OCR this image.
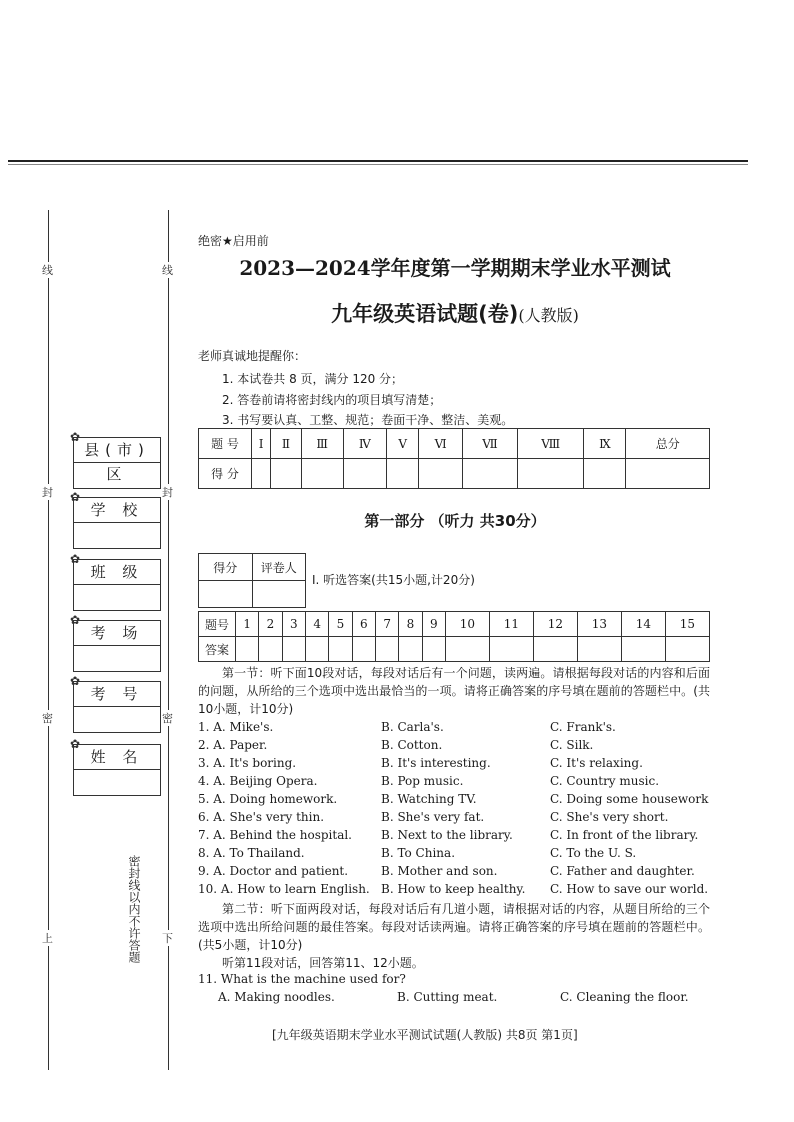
线	线
封	封
密	密
上	下
密封线以内不许答题
✿
县(市)区
✿
学 校
✿
班 级
✿
考 场
✿
考 号
✿
姓 名
绝密★启用前
2023—2024学年度第一学期期末学业水平测试
九年级英语试题(卷)(人教版)
老师真诚地提醒你：
1. 本试卷共 8 页，满分 120 分；
2. 答卷前请将密封线内的项目填写清楚；
3. 书写要认真、工整、规范；卷面干净、整洁、美观。
题 号	Ⅰ	Ⅱ	Ⅲ	Ⅳ	Ⅴ	Ⅵ	Ⅶ	Ⅷ	Ⅸ	总分
得 分										
第一部分 （听力 共30分）
得分	评卷人

Ⅰ. 听选答案(共15小题,计20分)
题号	1	2	3	4	5	6	7	8	9	10	11	12	13	14	15
答案															
第一节：听下面10段对话，每段对话后有一个问题，读两遍。请根据每段对话的内容和后面的问题，从所给的三个选项中选出最恰当的一项。请将正确答案的序号填在题前的答题栏中。(共10小题，计10分)
1. A. Mike's.	B. Carla's.	C. Frank's.
2. A. Paper.	B. Cotton.	C. Silk.
3. A. It's boring.	B. It's interesting.	C. It's relaxing.
4. A. Beijing Opera.	B. Pop music.	C. Country music.
5. A. Doing homework.	B. Watching TV.	C. Doing some housework
6. A. She's very thin.	B. She's very fat.	C. She's very short.
7. A. Behind the hospital. B. Next to the library.	C. In front of the library.
8. A. To Thailand.	B. To China.	C. To the U. S.
9. A. Doctor and patient.	B. Mother and son.	C. Father and daughter.
10. A. How to learn English. B. How to keep healthy. C. How to save our world.
第二节：听下面两段对话，每段对话后有几道小题，请根据对话的内容，从题目所给的三个选项中选出所给问题的最佳答案。每段对话读两遍。请将正确答案的序号填在题前的答题栏中。(共5小题，计10分)
听第11段对话，回答第11、12小题。
11. What is the machine used for?
A. Making noodles.	B. Cutting meat.	C. Cleaning the floor.
[九年级英语期末学业水平测试试题(人教版) 共8页 第1页]
